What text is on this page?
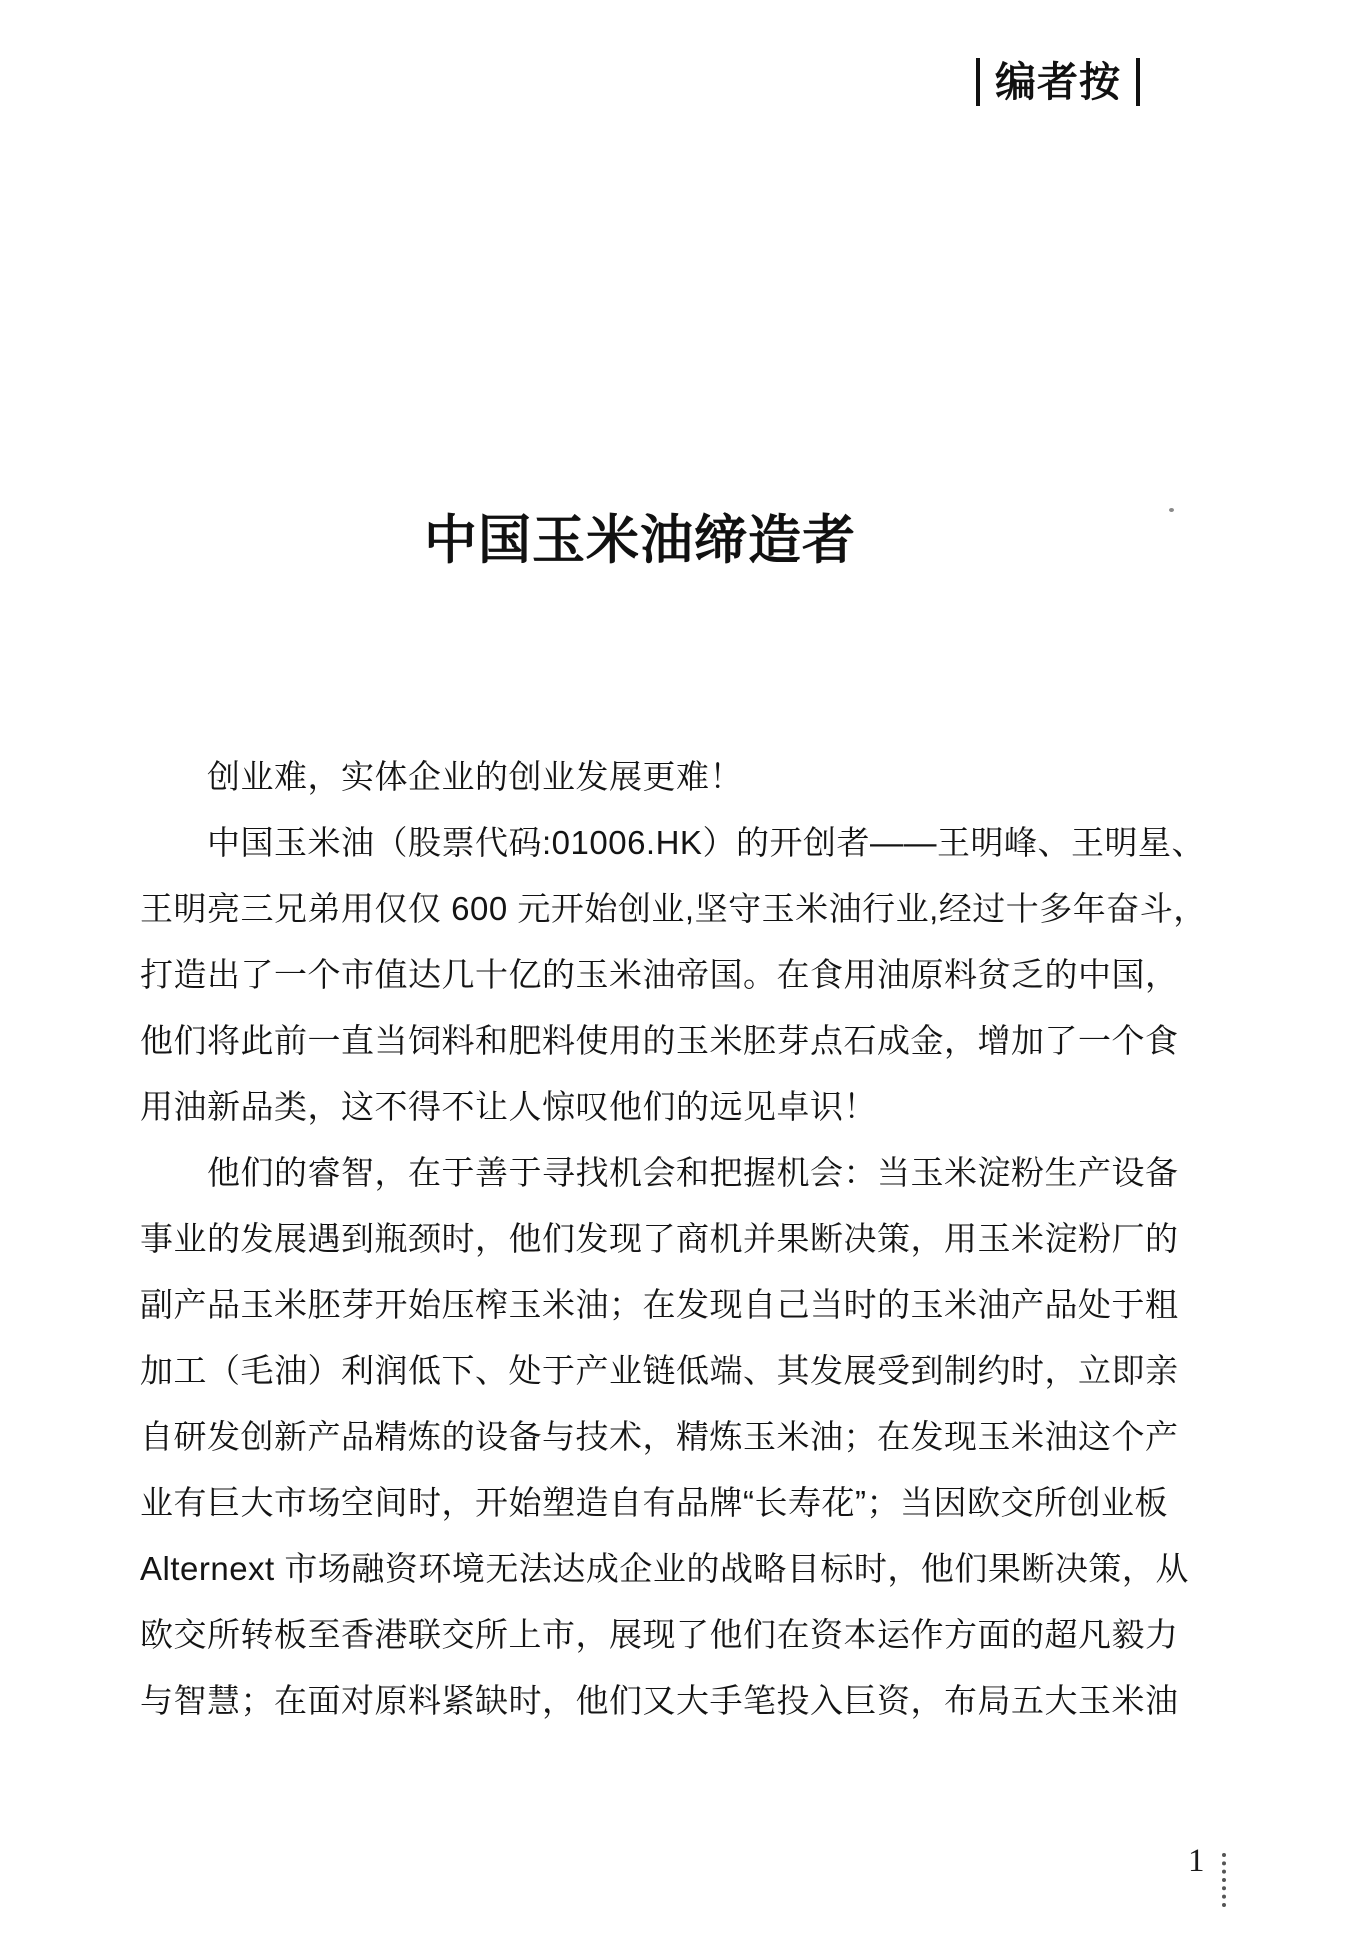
编者按
中国玉米油缔造者
创业难，实体企业的创业发展更难！
中国玉米油（股票代码:01006.HK）的开创者——王明峰、王明星、
王明亮三兄弟用仅仅 600 元开始创业,坚守玉米油行业,经过十多年奋斗，
打造出了一个市值达几十亿的玉米油帝国。在食用油原料贫乏的中国，
他们将此前一直当饲料和肥料使用的玉米胚芽点石成金，增加了一个食
用油新品类，这不得不让人惊叹他们的远见卓识！
他们的睿智，在于善于寻找机会和把握机会：当玉米淀粉生产设备
事业的发展遇到瓶颈时，他们发现了商机并果断决策，用玉米淀粉厂的
副产品玉米胚芽开始压榨玉米油；在发现自己当时的玉米油产品处于粗
加工（毛油）利润低下、处于产业链低端、其发展受到制约时，立即亲
自研发创新产品精炼的设备与技术，精炼玉米油；在发现玉米油这个产
业有巨大市场空间时，开始塑造自有品牌“长寿花”；当因欧交所创业板
Alternext 市场融资环境无法达成企业的战略目标时，他们果断决策，从
欧交所转板至香港联交所上市，展现了他们在资本运作方面的超凡毅力
与智慧；在面对原料紧缺时，他们又大手笔投入巨资，布局五大玉米油
1
